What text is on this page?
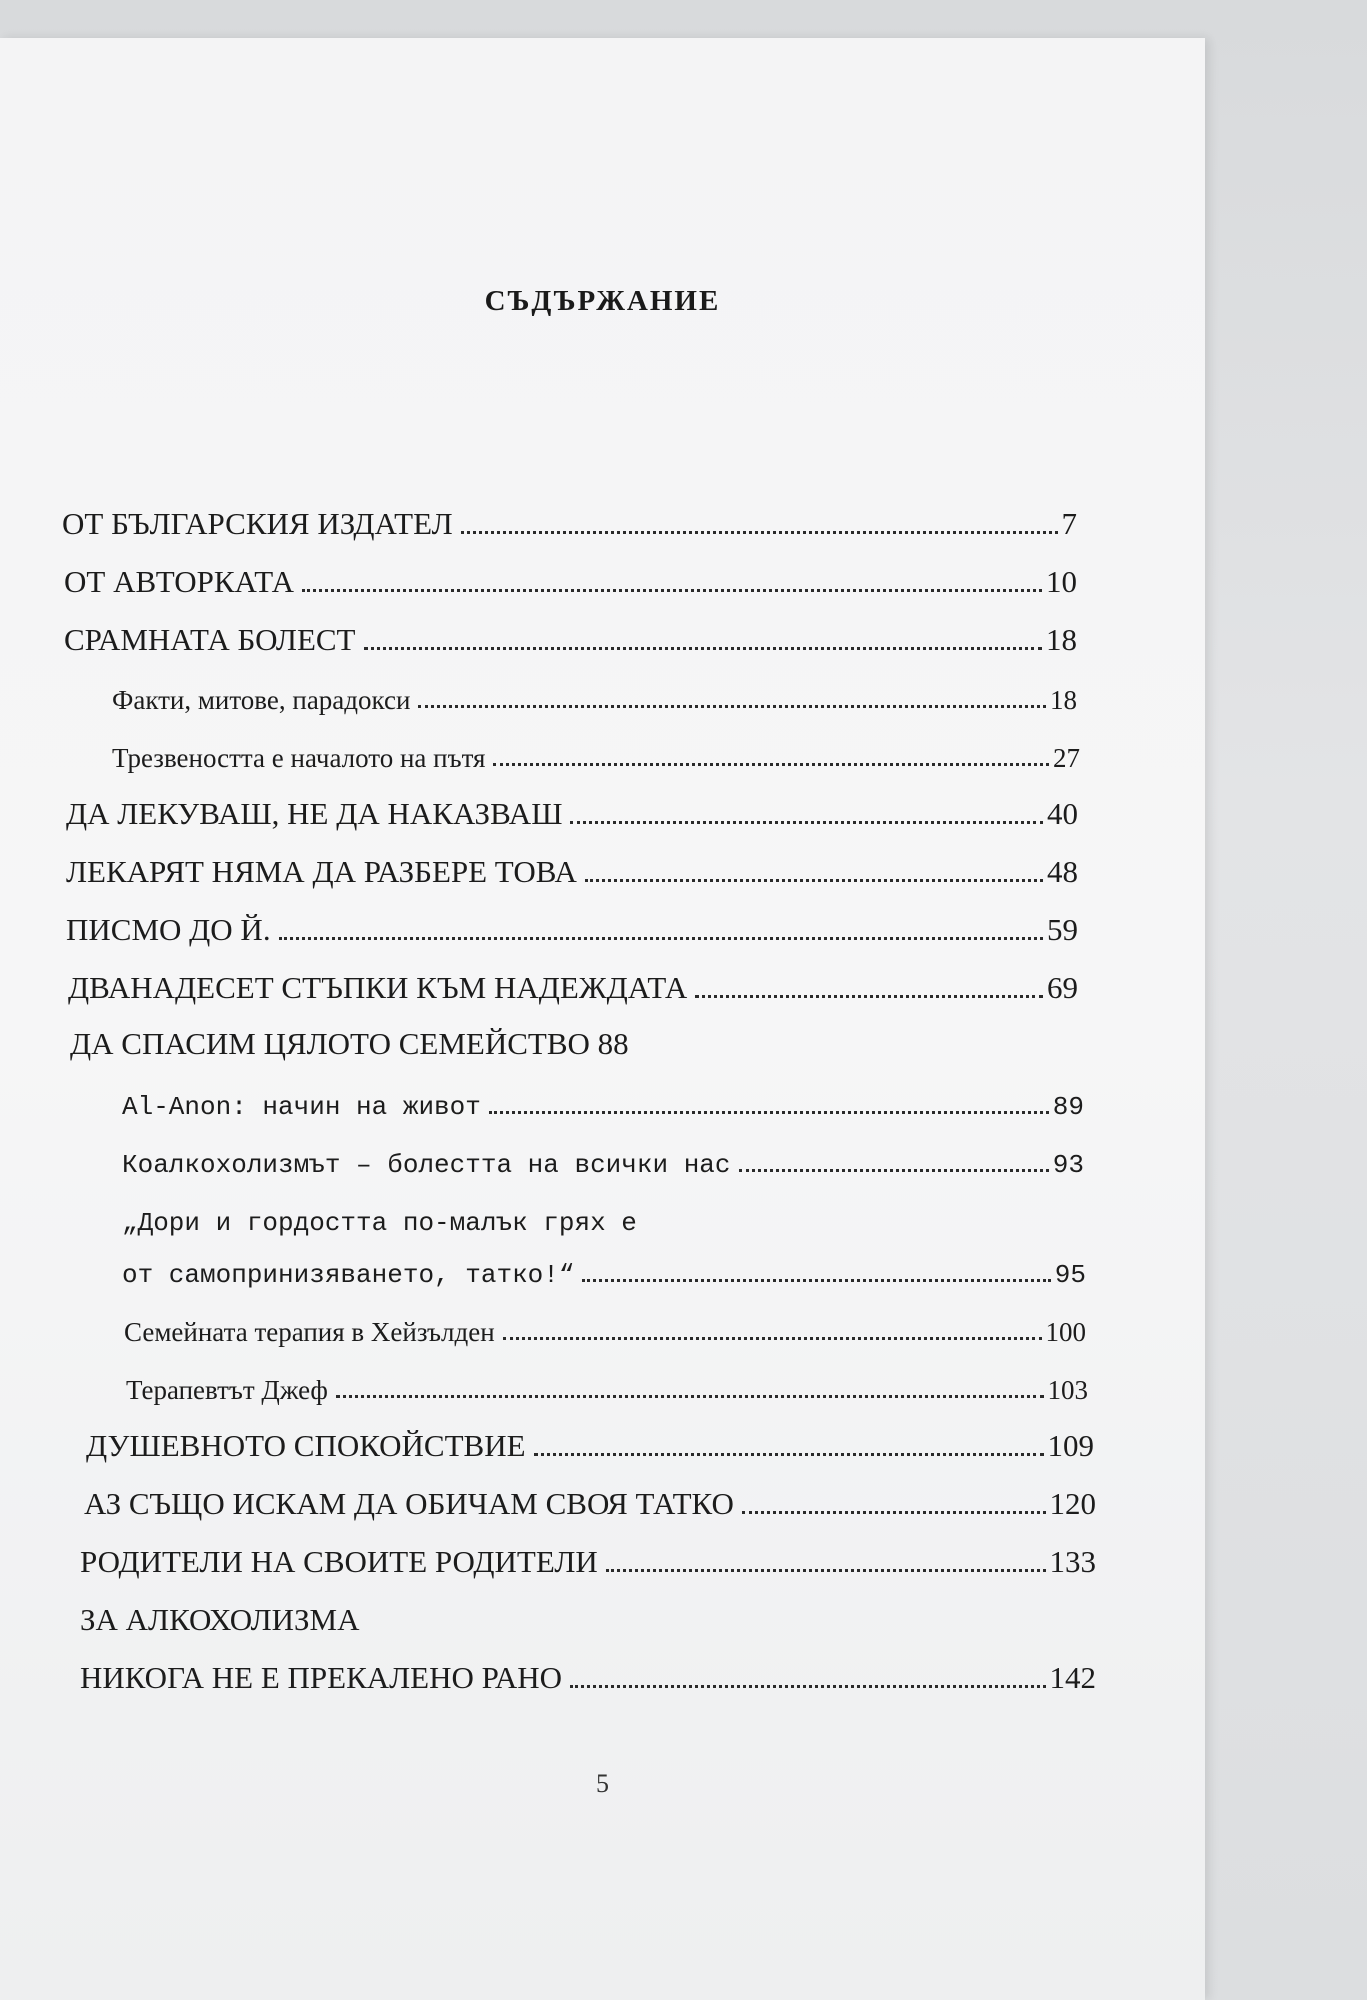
СЪДЪРЖАНИЕ
ОТ БЪЛГАРСКИЯ ИЗДАТЕЛ	7
ОТ АВТОРКАТА	10
СРАМНАТА БОЛЕСТ	18
Факти, митове, парадокси	18
Трезвеността е началото на пътя	27
ДА ЛЕКУВАШ, НЕ ДА НАКАЗВАШ	40
ЛЕКАРЯТ НЯМА ДА РАЗБЕРЕ ТОВА	48
ПИСМО ДО Й.	59
ДВАНАДЕСЕТ СТЪПКИ КЪМ НАДЕЖДАТА	69
ДА СПАСИМ ЦЯЛОТО СЕМЕЙСТВО 88
Al-Anon: начин на живот	89
Коалкохолизмът – болестта на всички нас	93
„Дори и гордостта по-малък грях е
от самопринизяването, татко!“	95
Семейната терапия в Хейзълден	100
Терапевтът Джеф	103
ДУШЕВНОТО СПОКОЙСТВИЕ	109
АЗ СЪЩО ИСКАМ ДА ОБИЧАМ СВОЯ ТАТКО	120
РОДИТЕЛИ НА СВОИТЕ РОДИТЕЛИ	133
ЗА АЛКОХОЛИЗМА
НИКОГА НЕ Е ПРЕКАЛЕНО РАНО	142
5
